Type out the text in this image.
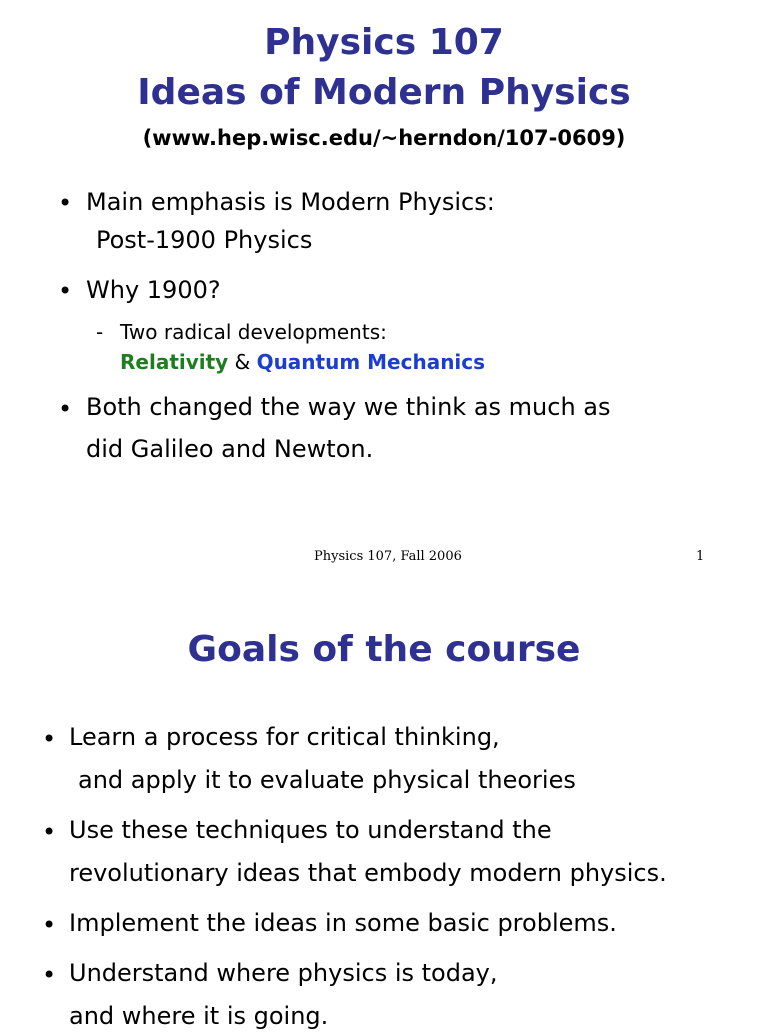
Physics 107
Ideas of Modern Physics
(www.hep.wisc.edu/~herndon/107-0609)
• Main emphasis is Modern Physics:
Post-1900 Physics
• Why 1900?
- Two radical developments:
Relativity & Quantum Mechanics
• Both changed the way we think as much as
did Galileo and Newton.
Physics 107, Fall 2006	1
Goals of the course
• Learn a process for critical thinking,
and apply it to evaluate physical theories
• Use these techniques to understand the
revolutionary ideas that embody modern physics.
• Implement the ideas in some basic problems.
• Understand where physics is today,
and where it is going.
